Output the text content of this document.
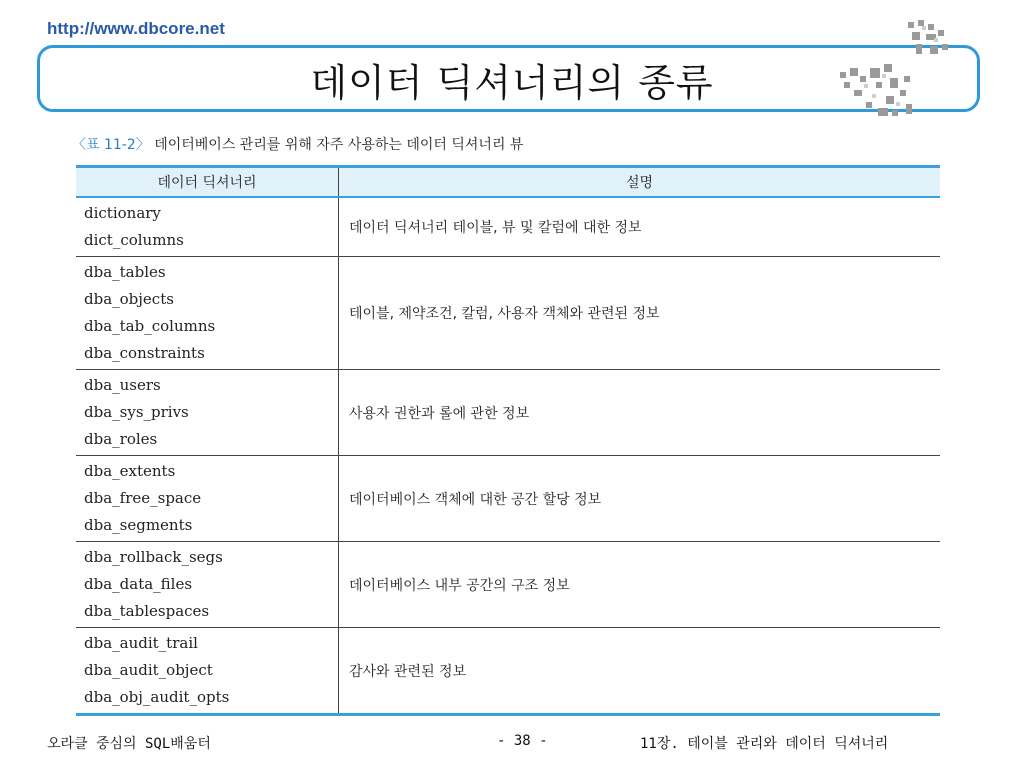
http://www.dbcore.net
데이터 딕셔너리의 종류
〈표 11-2〉 데이터베이스 관리를 위해 자주 사용하는 데이터 딕셔너리 뷰
데이터 딕셔너리	설명

dictionary
dict_columns	데이터 딕셔너리 테이블, 뷰 및 칼럼에 대한 정보

dba_tables
dba_objects
dba_tab_columns
dba_constraints	테이블, 제약조건, 칼럼, 사용자 객체와 관련된 정보

dba_users
dba_sys_privs
dba_roles	사용자 권한과 롤에 관한 정보

dba_extents
dba_free_space
dba_segments	데이터베이스 객체에 대한 공간 할당 정보

dba_rollback_segs
dba_data_files
dba_tablespaces	데이터베이스 내부 공간의 구조 정보

dba_audit_trail
dba_audit_object
dba_obj_audit_opts	감사와 관련된 정보
오라클 중심의 SQL배움터	- 38 -	11장. 테이블 관리와 데이터 딕셔너리
